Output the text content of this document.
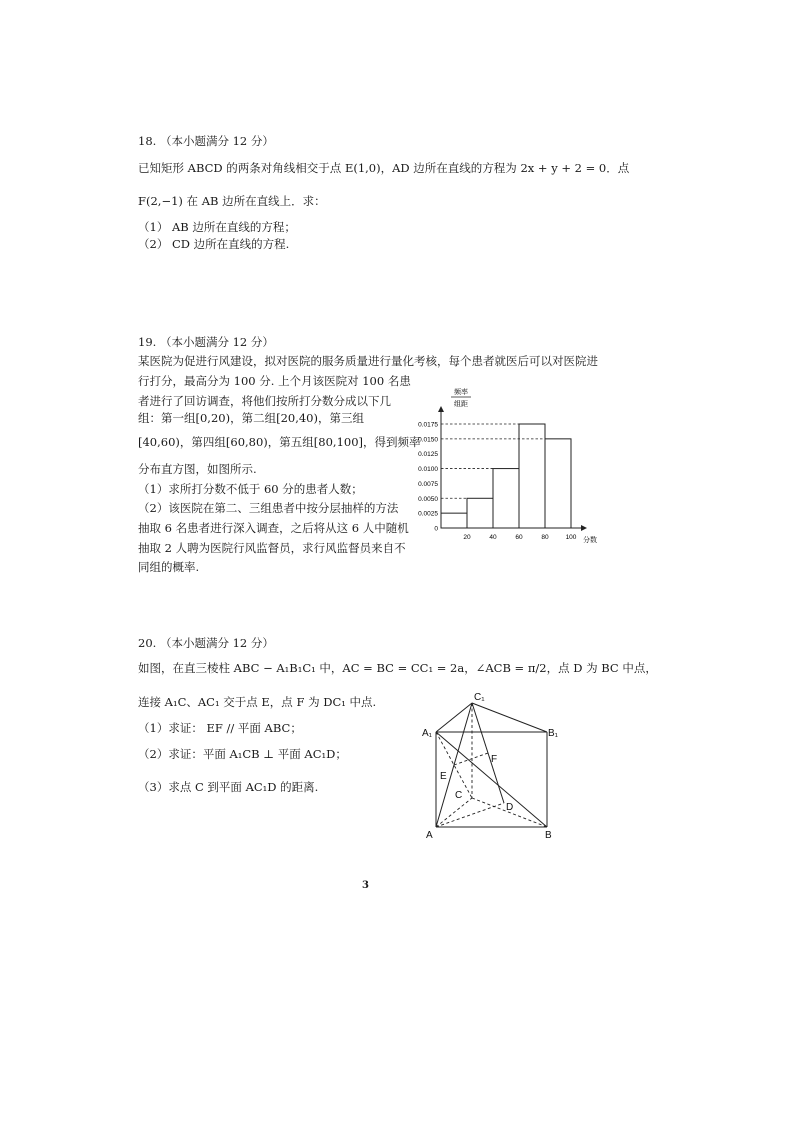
18. （本小题满分 12 分）
已知矩形 ABCD 的两条对角线相交于点 E(1,0)，AD 边所在直线的方程为 2x + y + 2 = 0．点
F(2,−1) 在 AB 边所在直线上．求：
（1） AB 边所在直线的方程；
（2） CD 边所在直线的方程.
19. （本小题满分 12 分）
某医院为促进行风建设，拟对医院的服务质量进行量化考核，每个患者就医后可以对医院进
行打分，最高分为 100 分. 上个月该医院对 100 名患
者进行了回访调查，将他们按所打分数分成以下几
组：第一组[0,20)，第二组[20,40)，第三组
[40,60)，第四组[60,80)，第五组[80,100]，得到频率
分布直方图，如图所示.
（1）求所打分数不低于 60 分的患者人数；
（2）该医院在第二、三组患者中按分层抽样的方法
抽取 6 名患者进行深入调查，之后将从这 6 人中随机
抽取 2 人聘为医院行风监督员，求行风监督员来自不
同组的概率.
频率
组距
0.0175
0.0150
0.0125
0.0100
0.0075
0.0050
0.0025
0
20	40	60	80	100 分数
20. （本小题满分 12 分）
如图，在直三棱柱 ABC − A₁B₁C₁ 中，AC = BC = CC₁ = 2a，∠ACB = π/2，点 D 为 BC 中点，
连接 A₁C、AC₁ 交于点 E，点 F 为 DC₁ 中点.
（1）求证： EF // 平面 ABC；
（2）求证：平面 A₁CB ⊥ 平面 AC₁D；
（3）求点 C 到平面 AC₁D 的距离.
C₁
A₁	B₁
F
E
C
D
A	B
3
